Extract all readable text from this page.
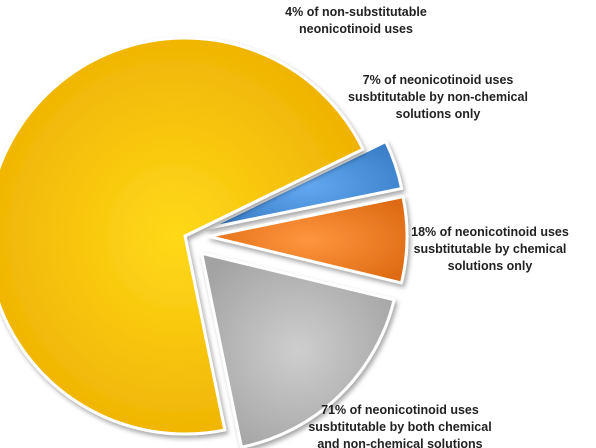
4% of non-substitutable neonicotinoid uses
7% of neonicotinoid uses susbtitutable by non-chemical solutions only
18% of neonicotinoid uses susbtitutable by chemical solutions only
71% of neonicotinoid uses susbtitutable by both chemical and non-chemical solutions
